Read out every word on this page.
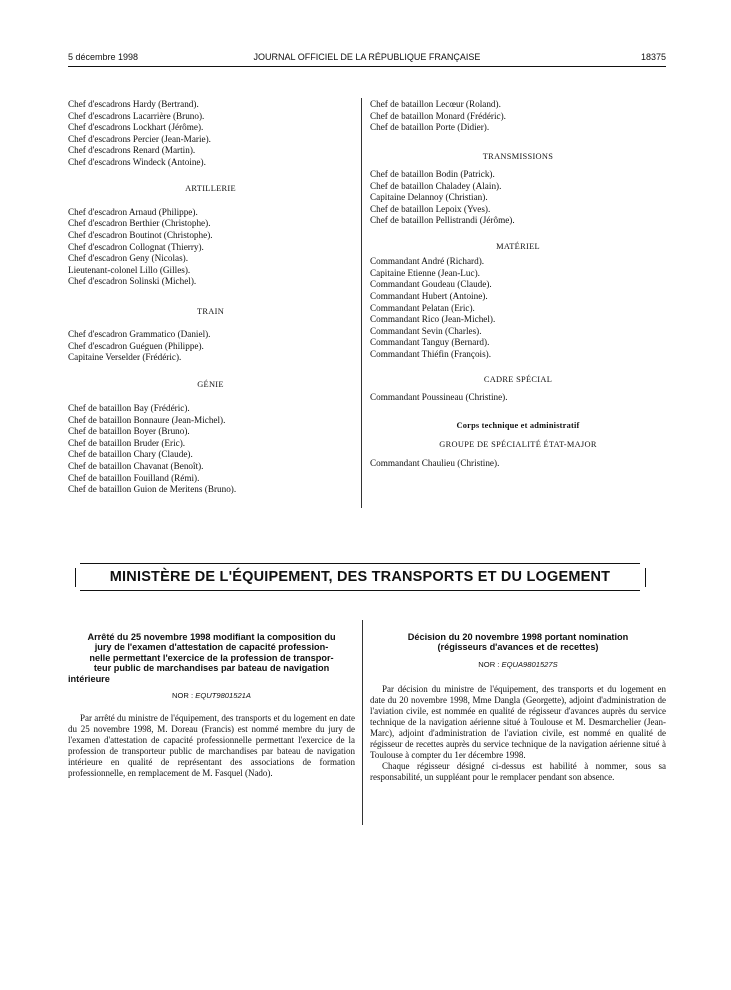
5 décembre 1998	JOURNAL OFFICIEL DE LA RÉPUBLIQUE FRANÇAISE	18375
Chef d'escadrons Hardy (Bertrand).
Chef d'escadrons Lacarrière (Bruno).
Chef d'escadrons Lockhart (Jérôme).
Chef d'escadrons Percier (Jean-Marie).
Chef d'escadrons Renard (Martin).
Chef d'escadrons Windeck (Antoine).
ARTILLERIE
Chef d'escadron Arnaud (Philippe).
Chef d'escadron Berthier (Christophe).
Chef d'escadron Boutinot (Christophe).
Chef d'escadron Collognat (Thierry).
Chef d'escadron Geny (Nicolas).
Lieutenant-colonel Lillo (Gilles).
Chef d'escadron Solinski (Michel).
TRAIN
Chef d'escadron Grammatico (Daniel).
Chef d'escadron Guéguen (Philippe).
Capitaine Verselder (Frédéric).
GÉNIE
Chef de bataillon Bay (Frédéric).
Chef de bataillon Bonnaure (Jean-Michel).
Chef de bataillon Boyer (Bruno).
Chef de bataillon Bruder (Eric).
Chef de bataillon Chary (Claude).
Chef de bataillon Chavanat (Benoît).
Chef de bataillon Fouilland (Rémi).
Chef de bataillon Guion de Meritens (Bruno).
Chef de bataillon Lecœur (Roland).
Chef de bataillon Monard (Frédéric).
Chef de bataillon Porte (Didier).
TRANSMISSIONS
Chef de bataillon Bodin (Patrick).
Chef de bataillon Chaladey (Alain).
Capitaine Delannoy (Christian).
Chef de bataillon Lepoix (Yves).
Chef de bataillon Pellistrandi (Jérôme).
MATÉRIEL
Commandant André (Richard).
Capitaine Etienne (Jean-Luc).
Commandant Goudeau (Claude).
Commandant Hubert (Antoine).
Commandant Pelatan (Eric).
Commandant Rico (Jean-Michel).
Commandant Sevin (Charles).
Commandant Tanguy (Bernard).
Commandant Thiéfin (François).
CADRE SPÉCIAL
Commandant Poussineau (Christine).
Corps technique et administratif
GROUPE DE SPÉCIALITÉ ÉTAT-MAJOR
Commandant Chaulieu (Christine).
MINISTÈRE DE L'ÉQUIPEMENT, DES TRANSPORTS ET DU LOGEMENT
Arrêté du 25 novembre 1998 modifiant la composition du
jury de l'examen d'attestation de capacité profession-
nelle permettant l'exercice de la profession de transpor-
teur public de marchandises par bateau de navigation
intérieure
NOR : EQUT9801521A

Par arrêté du ministre de l'équipement, des transports et du logement en date du 25 novembre 1998, M. Doreau (Francis) est nommé membre du jury de l'examen d'attestation de capacité professionnelle permettant l'exercice de la profession de transporteur public de marchandises par bateau de navigation intérieure en qualité de représentant des associations de formation professionnelle, en remplacement de M. Fasquel (Nado).

Décision du 20 novembre 1998 portant nomination
(régisseurs d'avances et de recettes)
NOR : EQUA9801527S

Par décision du ministre de l'équipement, des transports et du logement en date du 20 novembre 1998, Mme Dangla (Georgette), adjoint d'administration de l'aviation civile, est nommée en qualité de régisseur d'avances auprès du service technique de la navigation aérienne situé à Toulouse et M. Desmarchelier (Jean-Marc), adjoint d'administration de l'aviation civile, est nommé en qualité de régisseur de recettes auprès du service technique de la navigation aérienne situé à Toulouse à compter du 1er décembre 1998.

Chaque régisseur désigné ci-dessus est habilité à nommer, sous sa responsabilité, un suppléant pour le remplacer pendant son absence.
